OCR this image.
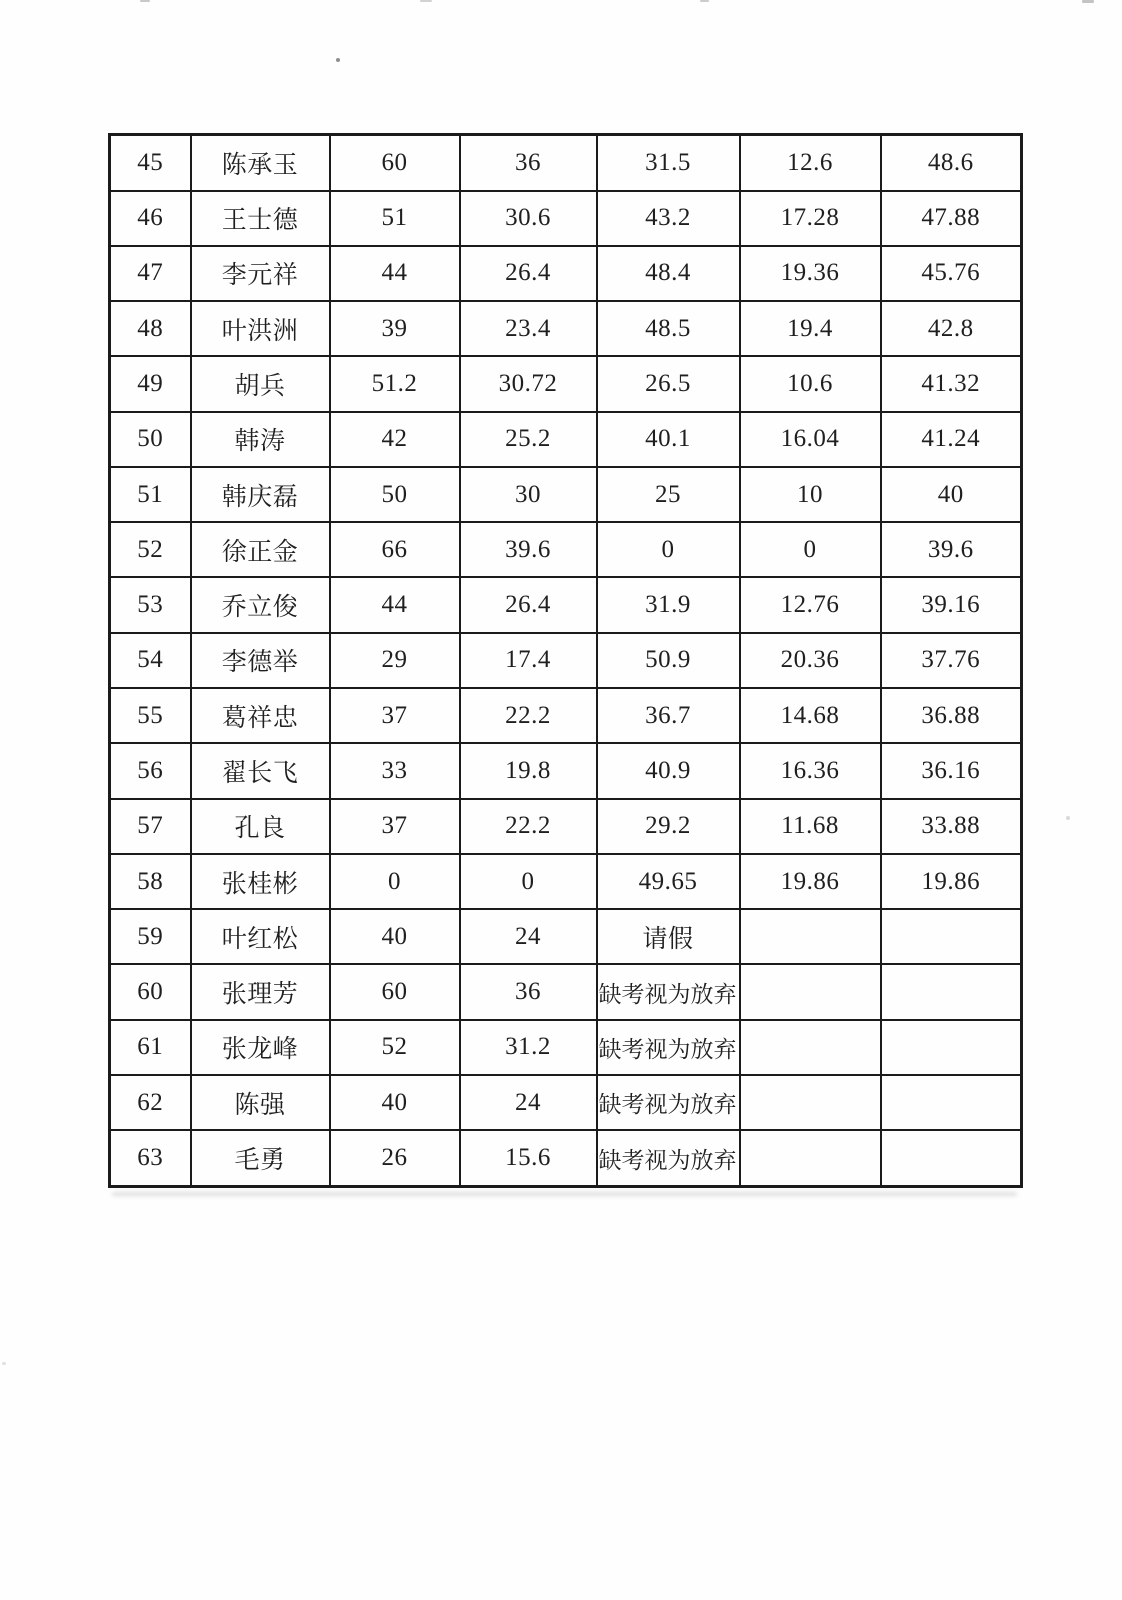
45	陈承玉	60	36	31.5	12.6	48.6
46	王士德	51	30.6	43.2	17.28	47.88
47	李元祥	44	26.4	48.4	19.36	45.76
48	叶洪洲	39	23.4	48.5	19.4	42.8
49	胡兵	51.2	30.72	26.5	10.6	41.32
50	韩涛	42	25.2	40.1	16.04	41.24
51	韩庆磊	50	30	25	10	40
52	徐正金	66	39.6	0	0	39.6
53	乔立俊	44	26.4	31.9	12.76	39.16
54	李德举	29	17.4	50.9	20.36	37.76
55	葛祥忠	37	22.2	36.7	14.68	36.88
56	翟长飞	33	19.8	40.9	16.36	36.16
57	孔良	37	22.2	29.2	11.68	33.88
58	张桂彬	0	0	49.65	19.86	19.86
59	叶红松	40	24	请假		
60	张理芳	60	36	缺考视为放弃		
61	张龙峰	52	31.2	缺考视为放弃		
62	陈强	40	24	缺考视为放弃		
63	毛勇	26	15.6	缺考视为放弃		
